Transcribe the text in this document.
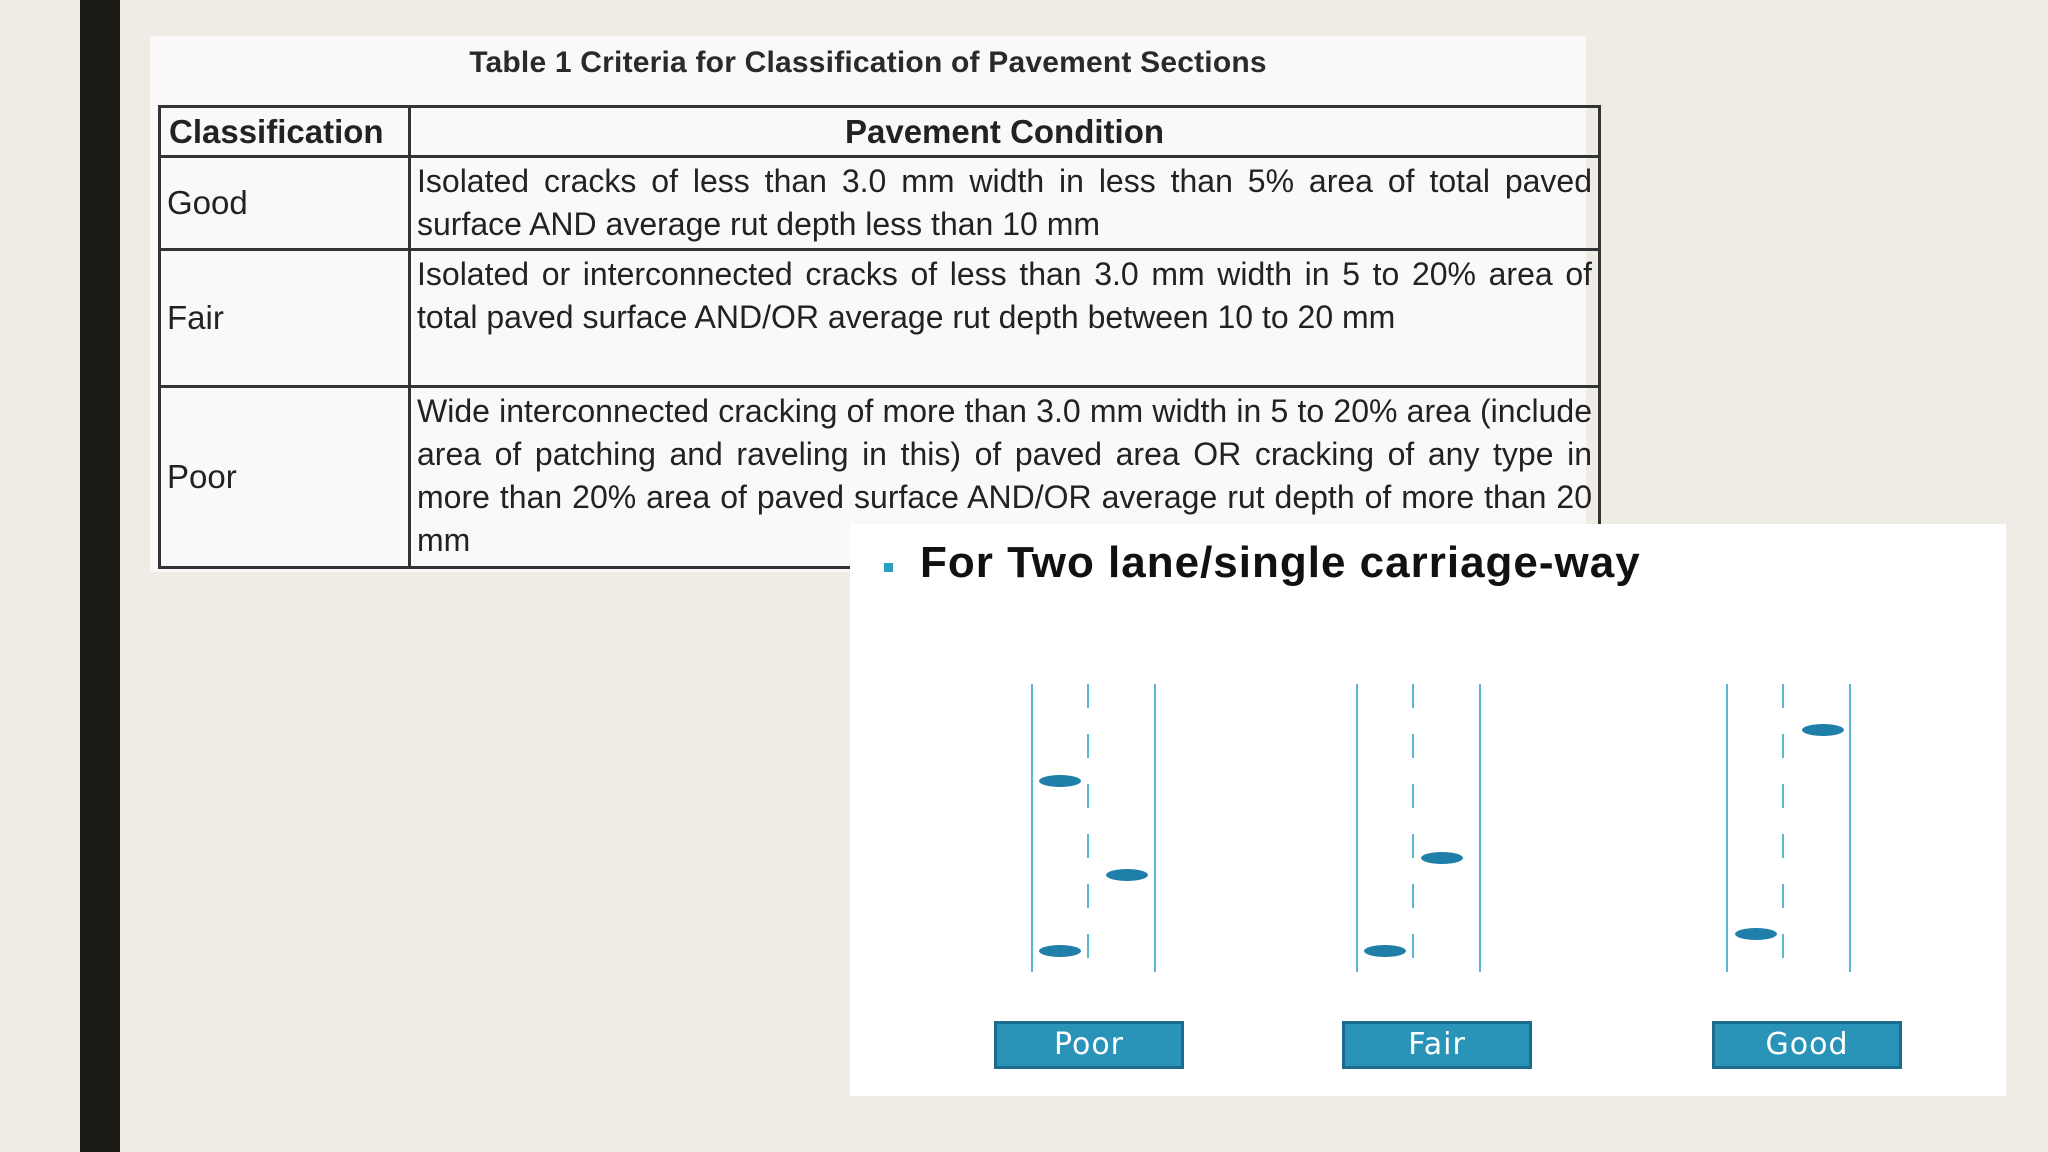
Table 1 Criteria for Classification of Pavement Sections
Classification	Pavement Condition
Good	Isolated cracks of less than 3.0 mm width in less than 5% area of total paved surface AND average rut depth less than 10 mm
Fair	Isolated or interconnected cracks of less than 3.0 mm width in 5 to 20% area of total paved surface AND/OR average rut depth between 10 to 20 mm
Poor	Wide interconnected cracking of more than 3.0 mm width in 5 to 20% area (include area of patching and raveling in this) of paved area OR cracking of any type in more than 20% area of paved surface AND/OR average rut depth of more than 20 mm	For Two lane/single carriage-way
Poor	Fair	Good
